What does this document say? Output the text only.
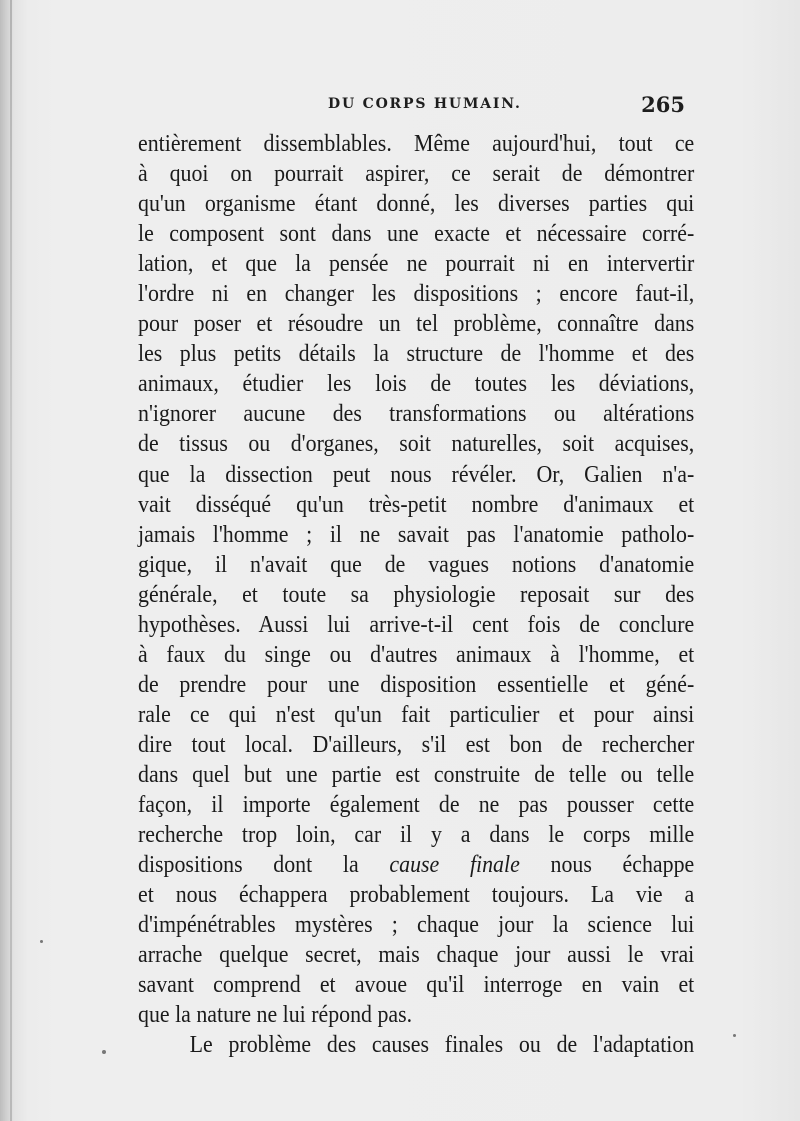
DU CORPS HUMAIN.	265
entièrement dissemblables. Même aujourd'hui, tout ce
à quoi on pourrait aspirer, ce serait de démontrer
qu'un organisme étant donné, les diverses parties qui
le composent sont dans une exacte et nécessaire corré-
lation, et que la pensée ne pourrait ni en intervertir
l'ordre ni en changer les dispositions ; encore faut-il,
pour poser et résoudre un tel problème, connaître dans
les plus petits détails la structure de l'homme et des
animaux, étudier les lois de toutes les déviations,
n'ignorer aucune des transformations ou altérations
de tissus ou d'organes, soit naturelles, soit acquises,
que la dissection peut nous révéler. Or, Galien n'a-
vait disséqué qu'un très-petit nombre d'animaux et
jamais l'homme ; il ne savait pas l'anatomie patholo-
gique, il n'avait que de vagues notions d'anatomie
générale, et toute sa physiologie reposait sur des
hypothèses. Aussi lui arrive-t-il cent fois de conclure
à faux du singe ou d'autres animaux à l'homme, et
de prendre pour une disposition essentielle et géné-
rale ce qui n'est qu'un fait particulier et pour ainsi
dire tout local. D'ailleurs, s'il est bon de rechercher
dans quel but une partie est construite de telle ou telle
façon, il importe également de ne pas pousser cette
recherche trop loin, car il y a dans le corps mille
dispositions dont la cause finale nous échappe
et nous échappera probablement toujours. La vie a
d'impénétrables mystères ; chaque jour la science lui
arrache quelque secret, mais chaque jour aussi le vrai
savant comprend et avoue qu'il interroge en vain et
que la nature ne lui répond pas.
Le problème des causes finales ou de l'adaptation
